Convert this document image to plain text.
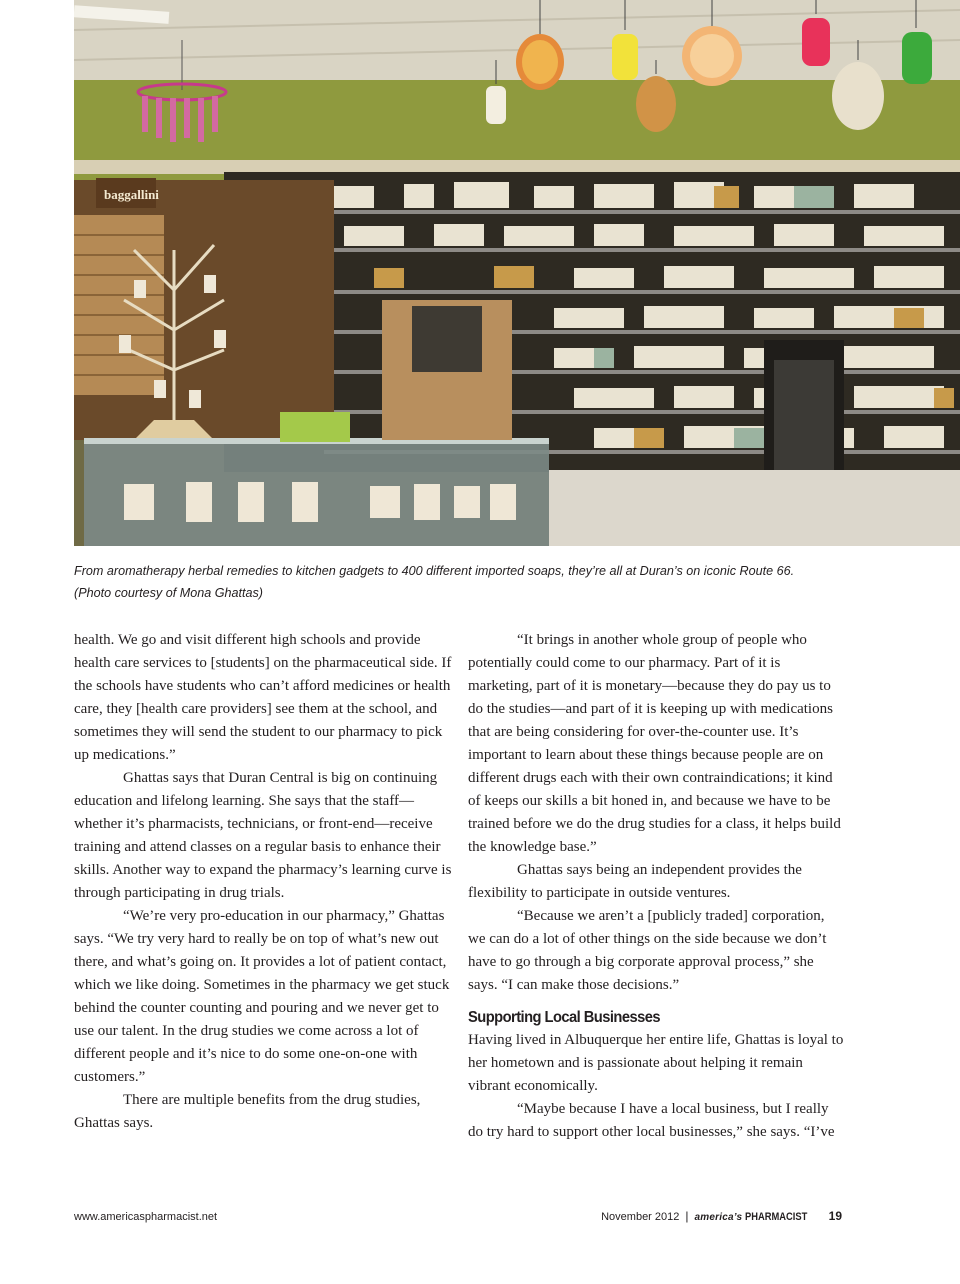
baggallini

From aromatherapy herbal remedies to kitchen gadgets to 400 different imported soaps, they’re all at Duran’s on iconic Route 66.

(Photo courtesy of Mona Ghattas)

health. We go and visit different high schools and provide health care services to [students] on the pharmaceutical side. If the schools have students who can’t afford medicines or health care, they [health care providers] see them at the school, and sometimes they will send the student to our pharmacy to pick up medications.”

Ghattas says that Duran Central is big on continuing education and lifelong learning. She says that the staff—whether it’s pharmacists, technicians, or front-end—receive training and attend classes on a regular basis to enhance their skills. Another way to expand the pharmacy’s learning curve is through participating in drug trials.

“We’re very pro-education in our pharmacy,” Ghattas says. “We try very hard to really be on top of what’s new out there, and what’s going on. It provides a lot of patient contact, which we like doing. Sometimes in the pharmacy we get stuck behind the counter counting and pouring and we never get to use our talent. In the drug studies we come across a lot of different people and it’s nice to do some one-on-one with customers.”

There are multiple benefits from the drug studies, Ghattas says.

“It brings in another whole group of people who potentially could come to our pharmacy. Part of it is marketing, part of it is monetary—because they do pay us to do the studies—and part of it is keeping up with medications that are being considering for over-the-counter use. It’s important to learn about these things because people are on different drugs each with their own contraindications; it kind of keeps our skills a bit honed in, and because we have to be trained before we do the drug studies for a class, it helps build the knowledge base.”

Ghattas says being an independent provides the flexibility to participate in outside ventures.

“Because we aren’t a [publicly traded] corporation, we can do a lot of other things on the side because we don’t have to go through a big corporate approval process,” she says. “I can make those decisions.”

Supporting Local Businesses

Having lived in Albuquerque her entire life, Ghattas is loyal to her hometown and is passionate about helping it remain vibrant economically.

“Maybe because I have a local business, but I really do try hard to support other local businesses,” she says. “I’ve

www.americaspharmacist.net	November 2012 | america’s PHARMACIST 19
